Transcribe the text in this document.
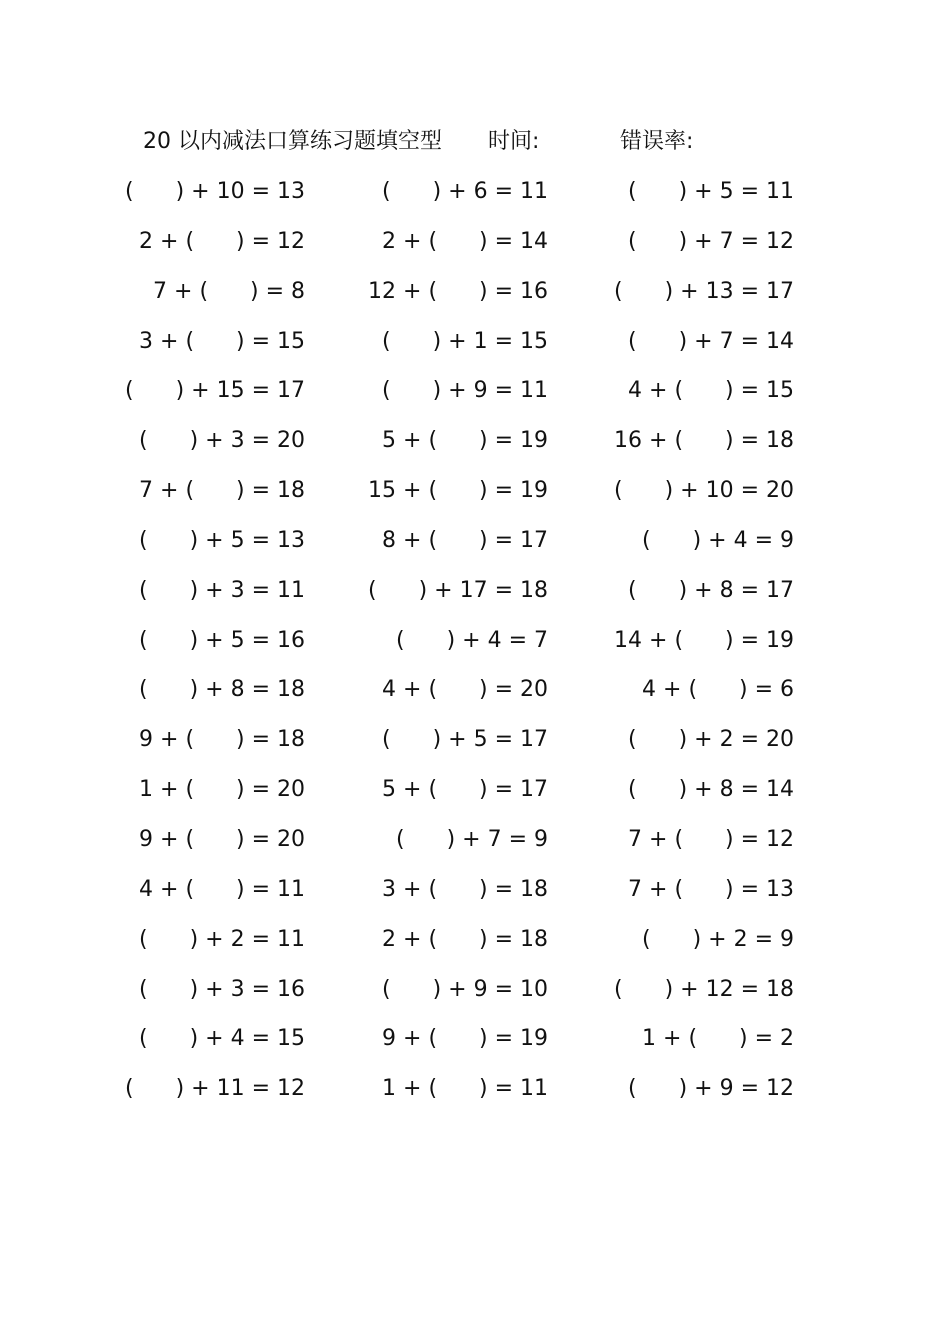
20 以内减法口算练习题填空型 时间:	错误率:
(      ) + 10 = 13	(      ) + 6 = 11	(      ) + 5 = 11
2 + (      ) = 12	2 + (      ) = 14	(      ) + 7 = 12
7 + (      ) = 8	12 + (      ) = 16	(      ) + 13 = 17
3 + (      ) = 15	(      ) + 1 = 15	(      ) + 7 = 14
(      ) + 15 = 17	(      ) + 9 = 11	4 + (      ) = 15
(      ) + 3 = 20	5 + (      ) = 19	16 + (      ) = 18
7 + (      ) = 18	15 + (      ) = 19	(      ) + 10 = 20
(      ) + 5 = 13	8 + (      ) = 17	(      ) + 4 = 9
(      ) + 3 = 11	(      ) + 17 = 18	(      ) + 8 = 17
(      ) + 5 = 16	(      ) + 4 = 7	14 + (      ) = 19
(      ) + 8 = 18	4 + (      ) = 20	4 + (      ) = 6
9 + (      ) = 18	(      ) + 5 = 17	(      ) + 2 = 20
1 + (      ) = 20	5 + (      ) = 17	(      ) + 8 = 14
9 + (      ) = 20	(      ) + 7 = 9	7 + (      ) = 12
4 + (      ) = 11	3 + (      ) = 18	7 + (      ) = 13
(      ) + 2 = 11	2 + (      ) = 18	(      ) + 2 = 9
(      ) + 3 = 16	(      ) + 9 = 10	(      ) + 12 = 18
(      ) + 4 = 15	9 + (      ) = 19	1 + (      ) = 2
(      ) + 11 = 12	1 + (      ) = 11	(      ) + 9 = 12
